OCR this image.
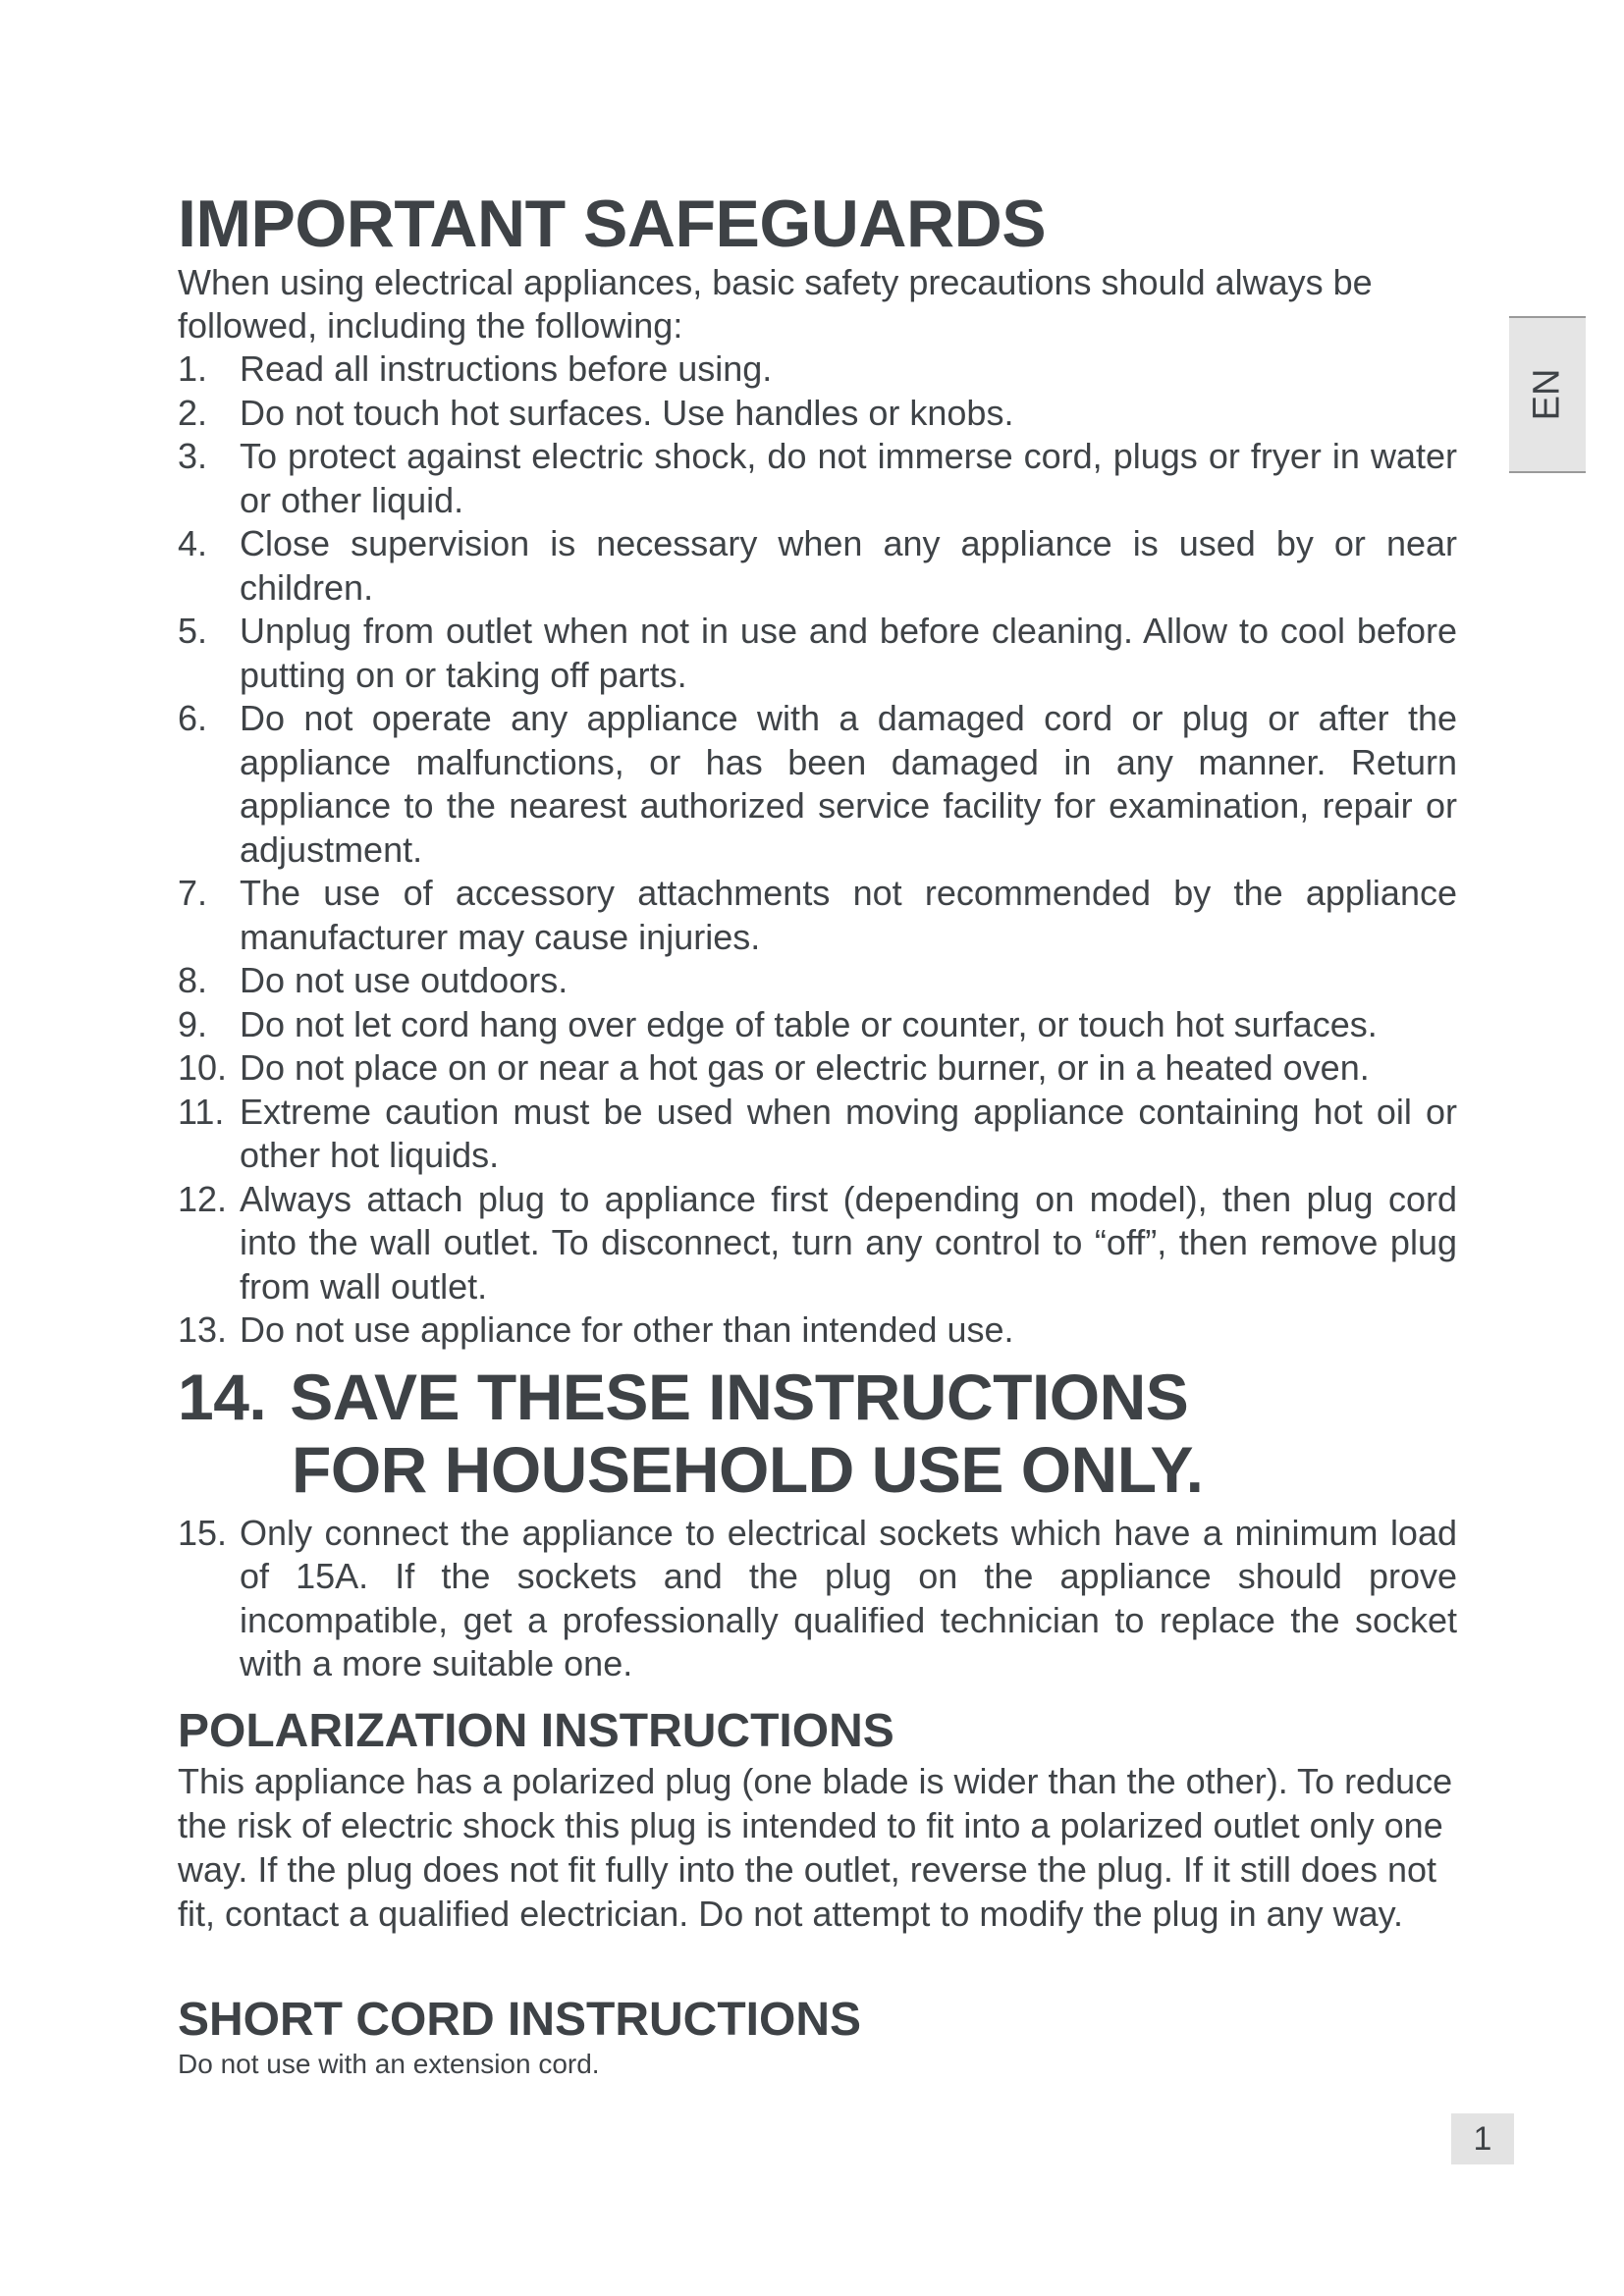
IMPORTANT SAFEGUARDS

When using electrical appliances, basic safety precautions should always be followed, including the following:

1. Read all instructions before using.
2. Do not touch hot surfaces. Use handles or knobs.
3. To protect against electric shock, do not immerse cord, plugs or fryer in water or other liquid.
4. Close supervision is necessary when any appliance is used by or near children.
5. Unplug from outlet when not in use and before cleaning. Allow to cool before putting on or taking off parts.
6. Do not operate any appliance with a damaged cord or plug or after the appliance malfunctions, or has been damaged in any manner. Return appliance to the nearest authorized service facility for examination, repair or adjustment.
7. The use of accessory attachments not recommended by the appliance manufacturer may cause injuries.
8. Do not use outdoors.
9. Do not let cord hang over edge of table or counter, or touch hot surfaces.
10. Do not place on or near a hot gas or electric burner, or in a heated oven.
11. Extreme caution must be used when moving appliance containing hot oil or other hot liquids.
12. Always attach plug to appliance first (depending on model), then plug cord into the wall outlet. To disconnect, turn any control to “off”, then remove plug from wall outlet.
13. Do not use appliance for other than intended use.
14. SAVE THESE INSTRUCTIONS
FOR HOUSEHOLD USE ONLY.
15. Only connect the appliance to electrical sockets which have a minimum load of 15A. If the sockets and the plug on the appliance should prove incompatible, get a professionally qualified technician to replace the socket with a more suitable one.
POLARIZATION INSTRUCTIONS

This appliance has a polarized plug (one blade is wider than the other). To reduce the risk of electric shock this plug is intended to fit into a polarized outlet only one way. If the plug does not fit fully into the outlet, reverse the plug. If it still does not fit, contact a qualified electrician. Do not attempt to modify the plug in any way.

SHORT CORD INSTRUCTIONS

Do not use with an extension cord.

EN
1
